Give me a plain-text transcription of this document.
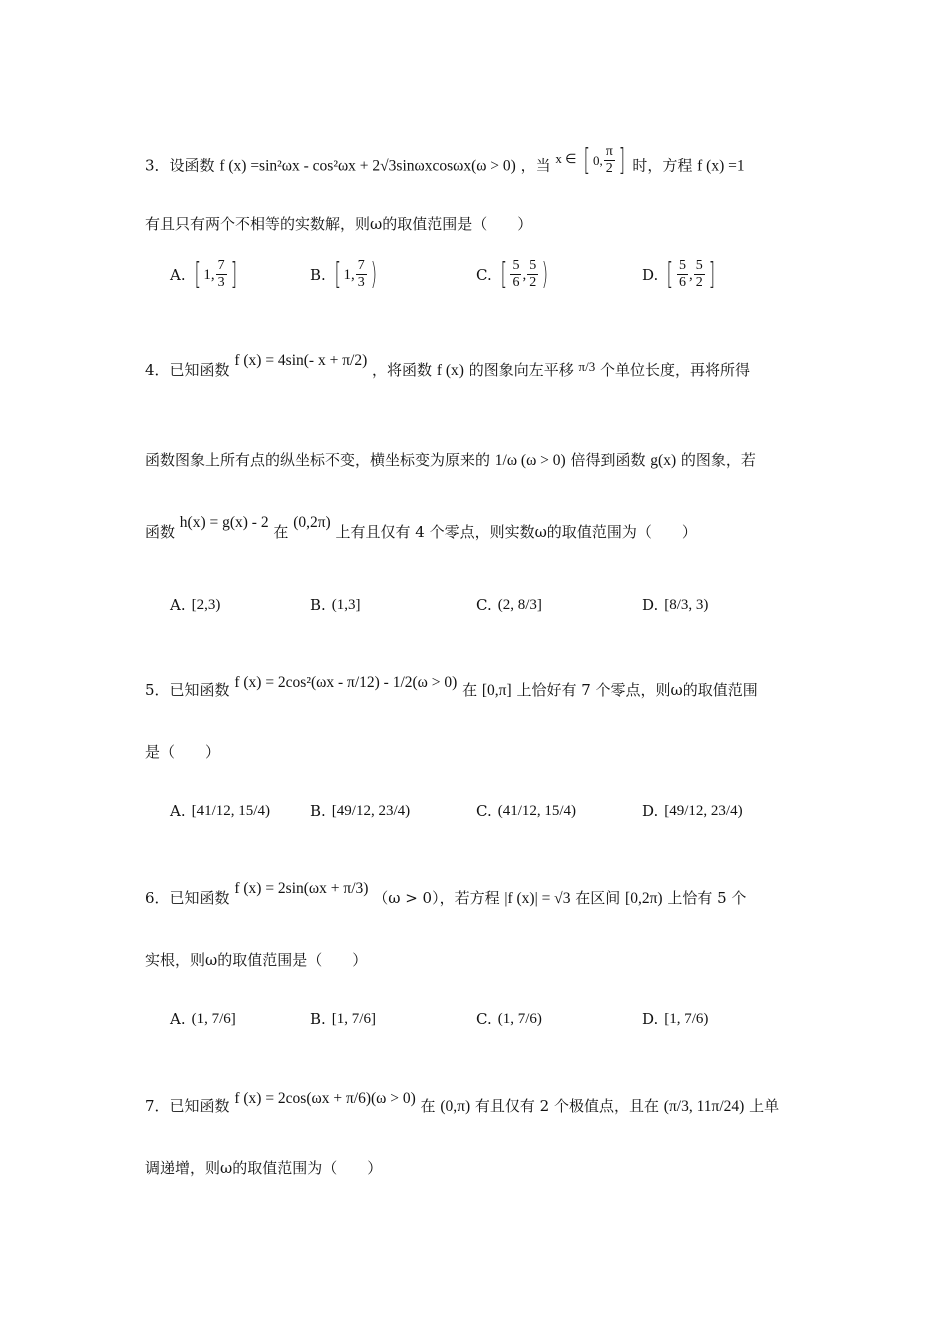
3．设函数 f (x) =sin²ωx - cos²ωx + 2√3sinωxcosωx(ω > 0) ，当 x ∈ [ 0, $\frac{\pi}{2}$ ] 时，方程 f (x) =1
有且只有两个不相等的实数解，则ω的取值范围是（　　）
A. [ 1, $\frac{7}{3}$ ]	B. [ 1, $\frac{7}{3}$ )	C. [ $\frac{5}{6}$ , $\frac{5}{2}$ )	D. [ $\frac{5}{6}$ , $\frac{5}{2}$ ]
4．已知函数 f (x) = 4sin(- x + π/2) ，将函数 f (x) 的图象向左平移 π/3 个单位长度，再将所得
函数图象上所有点的纵坐标不变，横坐标变为原来的 1/ω (ω > 0) 倍得到函数 g(x) 的图象，若
函数 h(x) = g(x) - 2 在 (0,2π) 上有且仅有 4 个零点，则实数ω的取值范围为（　　）
A. [2,3)	B. (1,3]	C. (2, 8/3]	D. [8/3, 3)
5．已知函数 f (x) = 2cos²(ωx - π/12) - 1/2(ω > 0) 在 [0,π] 上恰好有 7 个零点，则ω的取值范围
是（　　）
A. [41/12, 15/4)	B. [49/12, 23/4)	C. (41/12, 15/4)	D. [49/12, 23/4)
6．已知函数 f (x) = 2sin(ωx + π/3) （ω > 0），若方程 |f (x)| = √3 在区间 [0,2π) 上恰有 5 个
实根，则ω的取值范围是（　　）
A. (1, 7/6]	B. [1, 7/6]	C. (1, 7/6)	D. [1, 7/6)
7．已知函数 f (x) = 2cos(ωx + π/6)(ω > 0) 在 (0,π) 有且仅有 2 个极值点，且在 (π/3, 11π/24) 上单
调递增，则ω的取值范围为（　　）
